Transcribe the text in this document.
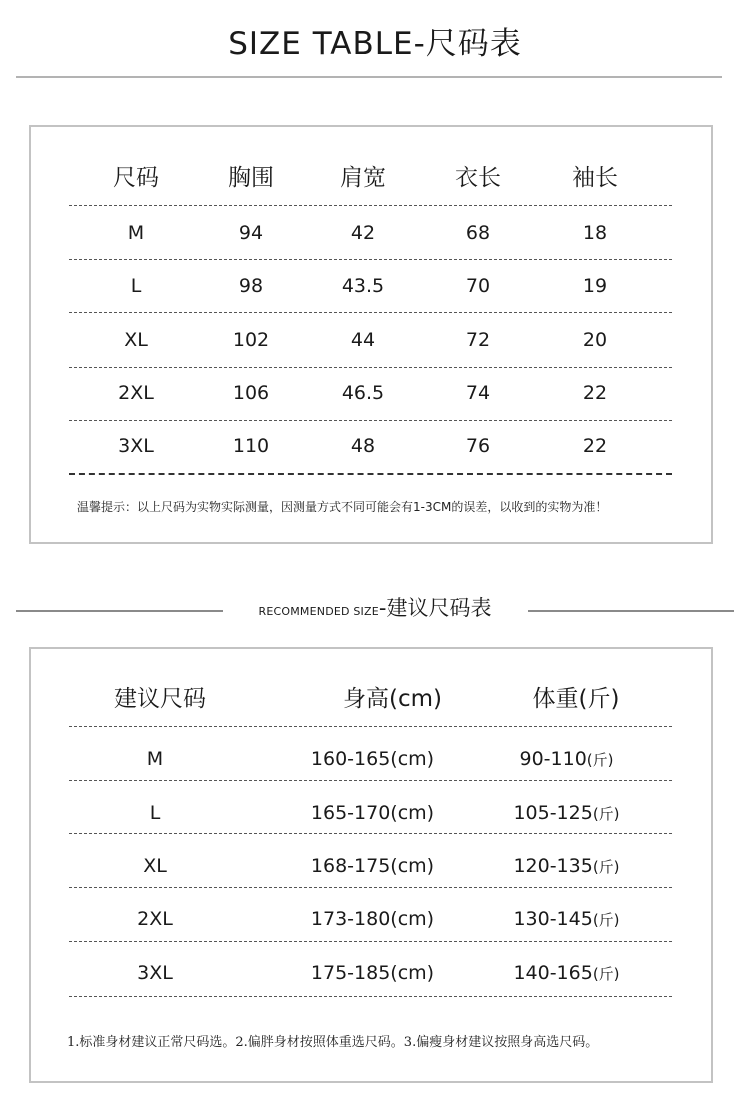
SIZE TABLE-尺码表
尺码	胸围	肩宽	衣长	袖长
M	94	42	68	18
L	98	43.5	70	19
XL	102	44	72	20
2XL	106	46.5	74	22
3XL	110	48	76	22
温馨提示：以上尺码为实物实际测量，因测量方式不同可能会有1-3CM的误差，以收到的实物为准！
RECOMMENDED SIZE-建议尺码表
建议尺码	身高(cm)	体重(斤)
M	160-165(cm)	90-110(斤)
L	165-170(cm)	105-125(斤)
XL	168-175(cm)	120-135(斤)
2XL	173-180(cm)	130-145(斤)
3XL	175-185(cm)	140-165(斤)
1.标准身材建议正常尺码选。2.偏胖身材按照体重选尺码。3.偏瘦身材建议按照身高选尺码。
